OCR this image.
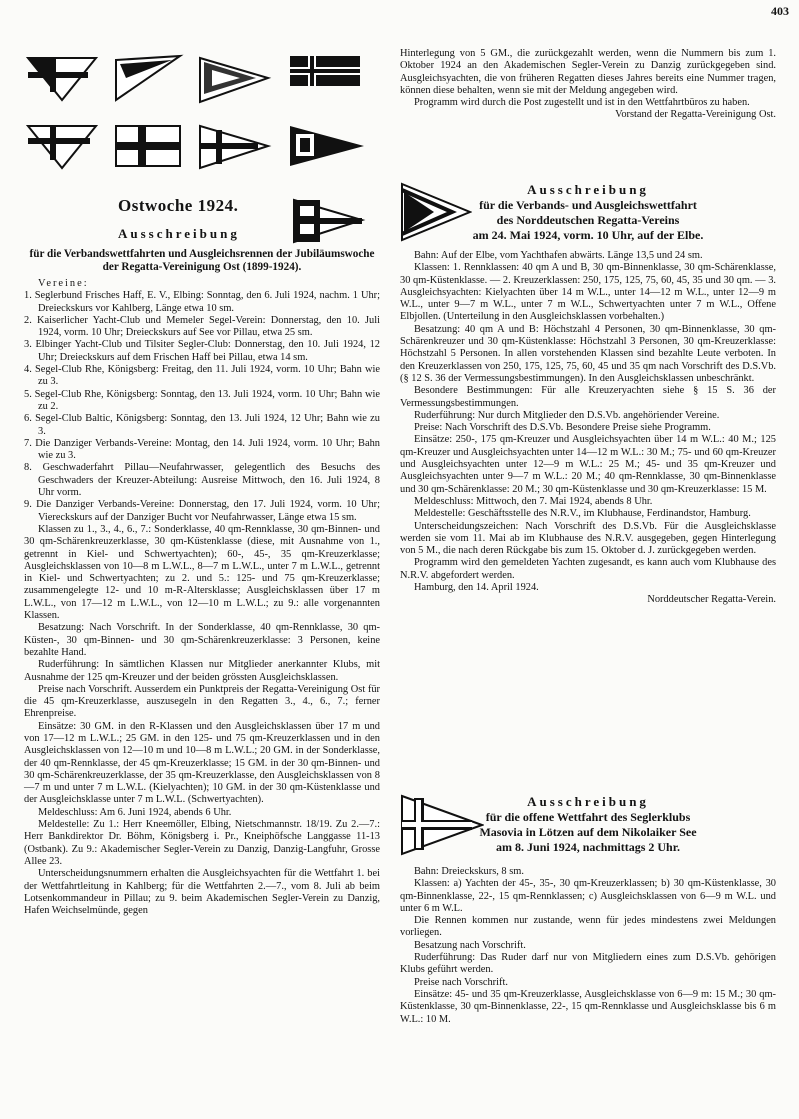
403
Ostwoche 1924.
Ausschreibung

für die Verbandswettfahrten und Ausgleichsrennen der Jubiläumswoche der Regatta-Vereinigung Ost (1899-1924).

Vereine:

1. Seglerbund Frisches Haff, E. V., Elbing: Sonntag, den 6. Juli 1924, nachm. 1 Uhr; Dreieckskurs vor Kahlberg, Länge etwa 10 sm.

2. Kaiserlicher Yacht-Club und Memeler Segel-Verein: Donnerstag, den 10. Juli 1924, vorm. 10 Uhr; Dreieckskurs auf See vor Pillau, etwa 25 sm.

3. Elbinger Yacht-Club und Tilsiter Segler-Club: Donnerstag, den 10. Juli 1924, 12 Uhr; Dreieckskurs auf dem Frischen Haff bei Pillau, etwa 14 sm.

4. Segel-Club Rhe, Königsberg: Freitag, den 11. Juli 1924, vorm. 10 Uhr; Bahn wie zu 3.

5. Segel-Club Rhe, Königsberg: Sonntag, den 13. Juli 1924, vorm. 10 Uhr; Bahn wie zu 2.

6. Segel-Club Baltic, Königsberg: Sonntag, den 13. Juli 1924, 12 Uhr; Bahn wie zu 3.

7. Die Danziger Verbands-Vereine: Montag, den 14. Juli 1924, vorm. 10 Uhr; Bahn wie zu 3.

8. Geschwaderfahrt Pillau—Neufahrwasser, gelegentlich des Besuchs des Geschwaders der Kreuzer-Abteilung: Ausreise Mittwoch, den 16. Juli 1924, 8 Uhr vorm.

9. Die Danziger Verbands-Vereine: Donnerstag, den 17. Juli 1924, vorm. 10 Uhr; Viereckskurs auf der Danziger Bucht vor Neufahrwasser, Länge etwa 15 sm.

Klassen zu 1., 3., 4., 6., 7.: Sonderklasse, 40 qm-Rennklasse, 30 qm-Binnen- und 30 qm-Schärenkreuzerklasse, 30 qm-Küstenklasse (diese, mit Ausnahme von 1., getrennt in Kiel- und Schwertyachten); 60-, 45-, 35 qm-Kreuzerklasse; Ausgleichsklassen von 10—8 m L.W.L., 8—7 m L.W.L., unter 7 m L.W.L., getrennt in Kiel- und Schwertyachten; zu 2. und 5.: 125- und 75 qm-Kreuzerklasse; zusammengelegte 12- und 10 m-R-Altersklasse; Ausgleichsklassen über 17 m L.W.L., von 17—12 m L.W.L., von 12—10 m L.W.L.; zu 9.: alle vorgenannten Klassen.

Besatzung: Nach Vorschrift. In der Sonderklasse, 40 qm-Rennklasse, 30 qm-Küsten-, 30 qm-Binnen- und 30 qm-Schärenkreuzerklasse: 3 Personen, keine bezahlte Hand.

Ruderführung: In sämtlichen Klassen nur Mitglieder anerkannter Klubs, mit Ausnahme der 125 qm-Kreuzer und der beiden grössten Ausgleichsklassen.

Preise nach Vorschrift. Ausserdem ein Punktpreis der Regatta-Vereinigung Ost für die 45 qm-Kreuzerklasse, auszusegeln in den Regatten 3., 4., 6., 7.; ferner Ehrenpreise.

Einsätze: 30 GM. in den R-Klassen und den Ausgleichsklassen über 17 m und von 17—12 m L.W.L.; 25 GM. in den 125- und 75 qm-Kreuzerklassen und in den Ausgleichsklassen von 12—10 m und 10—8 m L.W.L.; 20 GM. in der Sonderklasse, der 40 qm-Rennklasse, der 45 qm-Kreuzerklasse; 15 GM. in der 30 qm-Binnen- und 30 qm-Schärenkreuzerklasse, der 35 qm-Kreuzerklasse, den Ausgleichsklassen von 8—7 m und unter 7 m L.W.L. (Kielyachten); 10 GM. in der 30 qm-Küstenklasse und der Ausgleichsklasse unter 7 m L.W.L. (Schwertyachten).

Meldeschluss: Am 6. Juni 1924, abends 6 Uhr.

Meldestelle: Zu 1.: Herr Kneemöller, Elbing, Nietschmannstr. 18/19. Zu 2.—7.: Herr Bankdirektor Dr. Böhm, Königsberg i. Pr., Kneiphöfsche Langgasse 11-13 (Ostbank). Zu 9.: Akademischer Segler-Verein zu Danzig, Danzig-Langfuhr, Grosse Allee 23.

Unterscheidungsnummern erhalten die Ausgleichsyachten für die Wettfahrt 1. bei der Wettfahrtleitung in Kahlberg; für die Wettfahrten 2.—7., vom 8. Juli ab beim Lotsenkommandeur in Pillau; zu 9. beim Akademischen Segler-Verein zu Danzig, Hafen Weichselmünde, gegen

Hinterlegung von 5 GM., die zurückgezahlt werden, wenn die Nummern bis zum 1. Oktober 1924 an den Akademischen Segler-Verein zu Danzig zurückgegeben sind. Ausgleichsyachten, die von früheren Regatten dieses Jahres bereits eine Nummer tragen, können diese behalten, wenn sie mit der Meldung angegeben wird.

Programm wird durch die Post zugestellt und ist in den Wettfahrtbüros zu haben.

Vorstand der Regatta-Vereinigung Ost.

Ausschreibung
für die Verbands- und Ausgleichswettfahrt
des Norddeutschen Regatta-Vereins
am 24. Mai 1924, vorm. 10 Uhr, auf der Elbe.

Bahn: Auf der Elbe, vom Yachthafen abwärts. Länge 13,5 und 24 sm.

Klassen: 1. Rennklassen: 40 qm A und B, 30 qm-Binnenklasse, 30 qm-Schärenklasse, 30 qm-Küstenklasse. — 2. Kreuzerklassen: 250, 175, 125, 75, 60, 45, 35 und 30 qm. — 3. Ausgleichsyachten: Kielyachten über 14 m W.L., unter 14—12 m W.L., unter 12—9 m W.L., unter 9—7 m W.L., unter 7 m W.L., Schwertyachten unter 7 m W.L., Offene Elbjollen. (Unterteilung in den Ausgleichsklassen vorbehalten.)

Besatzung: 40 qm A und B: Höchstzahl 4 Personen, 30 qm-Binnenklasse, 30 qm-Schärenkreuzer und 30 qm-Küstenklasse: Höchstzahl 3 Personen, 30 qm-Kreuzerklasse: Höchstzahl 5 Personen. In allen vorstehenden Klassen sind bezahlte Leute verboten. In den Kreuzerklassen von 250, 175, 125, 75, 60, 45 und 35 qm nach Vorschrift des D.S.Vb. (§ 12 S. 36 der Vermessungsbestimmungen). In den Ausgleichsklassen unbeschränkt.

Besondere Bestimmungen: Für alle Kreuzeryachten siehe § 15 S. 36 der Vermessungsbestimmungen.

Ruderführung: Nur durch Mitglieder den D.S.Vb. angehöriender Vereine.

Preise: Nach Vorschrift des D.S.Vb. Besondere Preise siehe Programm.

Einsätze: 250-, 175 qm-Kreuzer und Ausgleichsyachten über 14 m W.L.: 40 M.; 125 qm-Kreuzer und Ausgleichsyachten unter 14—12 m W.L.: 30 M.; 75- und 60 qm-Kreuzer und Ausgleichsyachten unter 12—9 m W.L.: 25 M.; 45- und 35 qm-Kreuzer und Ausgleichsyachten unter 9—7 m W.L.: 20 M.; 40 qm-Rennklasse, 30 qm-Binnenklasse und 30 qm-Schärenklasse: 20 M.; 30 qm-Küstenklasse und 30 qm-Kreuzerklasse: 15 M.

Meldeschluss: Mittwoch, den 7. Mai 1924, abends 8 Uhr.

Meldestelle: Geschäftsstelle des N.R.V., im Klubhause, Ferdinandstor, Hamburg.

Unterscheidungszeichen: Nach Vorschrift des D.S.Vb. Für die Ausgleichsklasse werden sie vom 11. Mai ab im Klubhause des N.R.V. ausgegeben, gegen Hinterlegung von 5 M., die nach deren Rückgabe bis zum 15. Oktober d. J. zurückgegeben werden.

Programm wird den gemeldeten Yachten zugesandt, es kann auch vom Klubhause des N.R.V. abgefordert werden.

Hamburg, den 14. April 1924.

Norddeutscher Regatta-Verein.

Ausschreibung
für die offene Wettfahrt des Seglerklubs
Masovia in Lötzen auf dem Nikolaiker See
am 8. Juni 1924, nachmittags 2 Uhr.

Bahn: Dreieckskurs, 8 sm.

Klassen: a) Yachten der 45-, 35-, 30 qm-Kreuzerklassen; b) 30 qm-Küstenklasse, 30 qm-Binnenklasse, 22-, 15 qm-Rennklassen; c) Ausgleichsklassen von 6—9 m W.L. und unter 6 m W.L.

Die Rennen kommen nur zustande, wenn für jedes mindestens zwei Meldungen vorliegen.

Besatzung nach Vorschrift.

Ruderführung: Das Ruder darf nur von Mitgliedern eines zum D.S.Vb. gehörigen Klubs geführt werden.

Preise nach Vorschrift.

Einsätze: 45- und 35 qm-Kreuzerklasse, Ausgleichsklasse von 6—9 m: 15 M.; 30 qm-Küstenklasse, 30 qm-Binnenklasse, 22-, 15 qm-Rennklasse und Ausgleichsklasse bis 6 m W.L.: 10 M.
